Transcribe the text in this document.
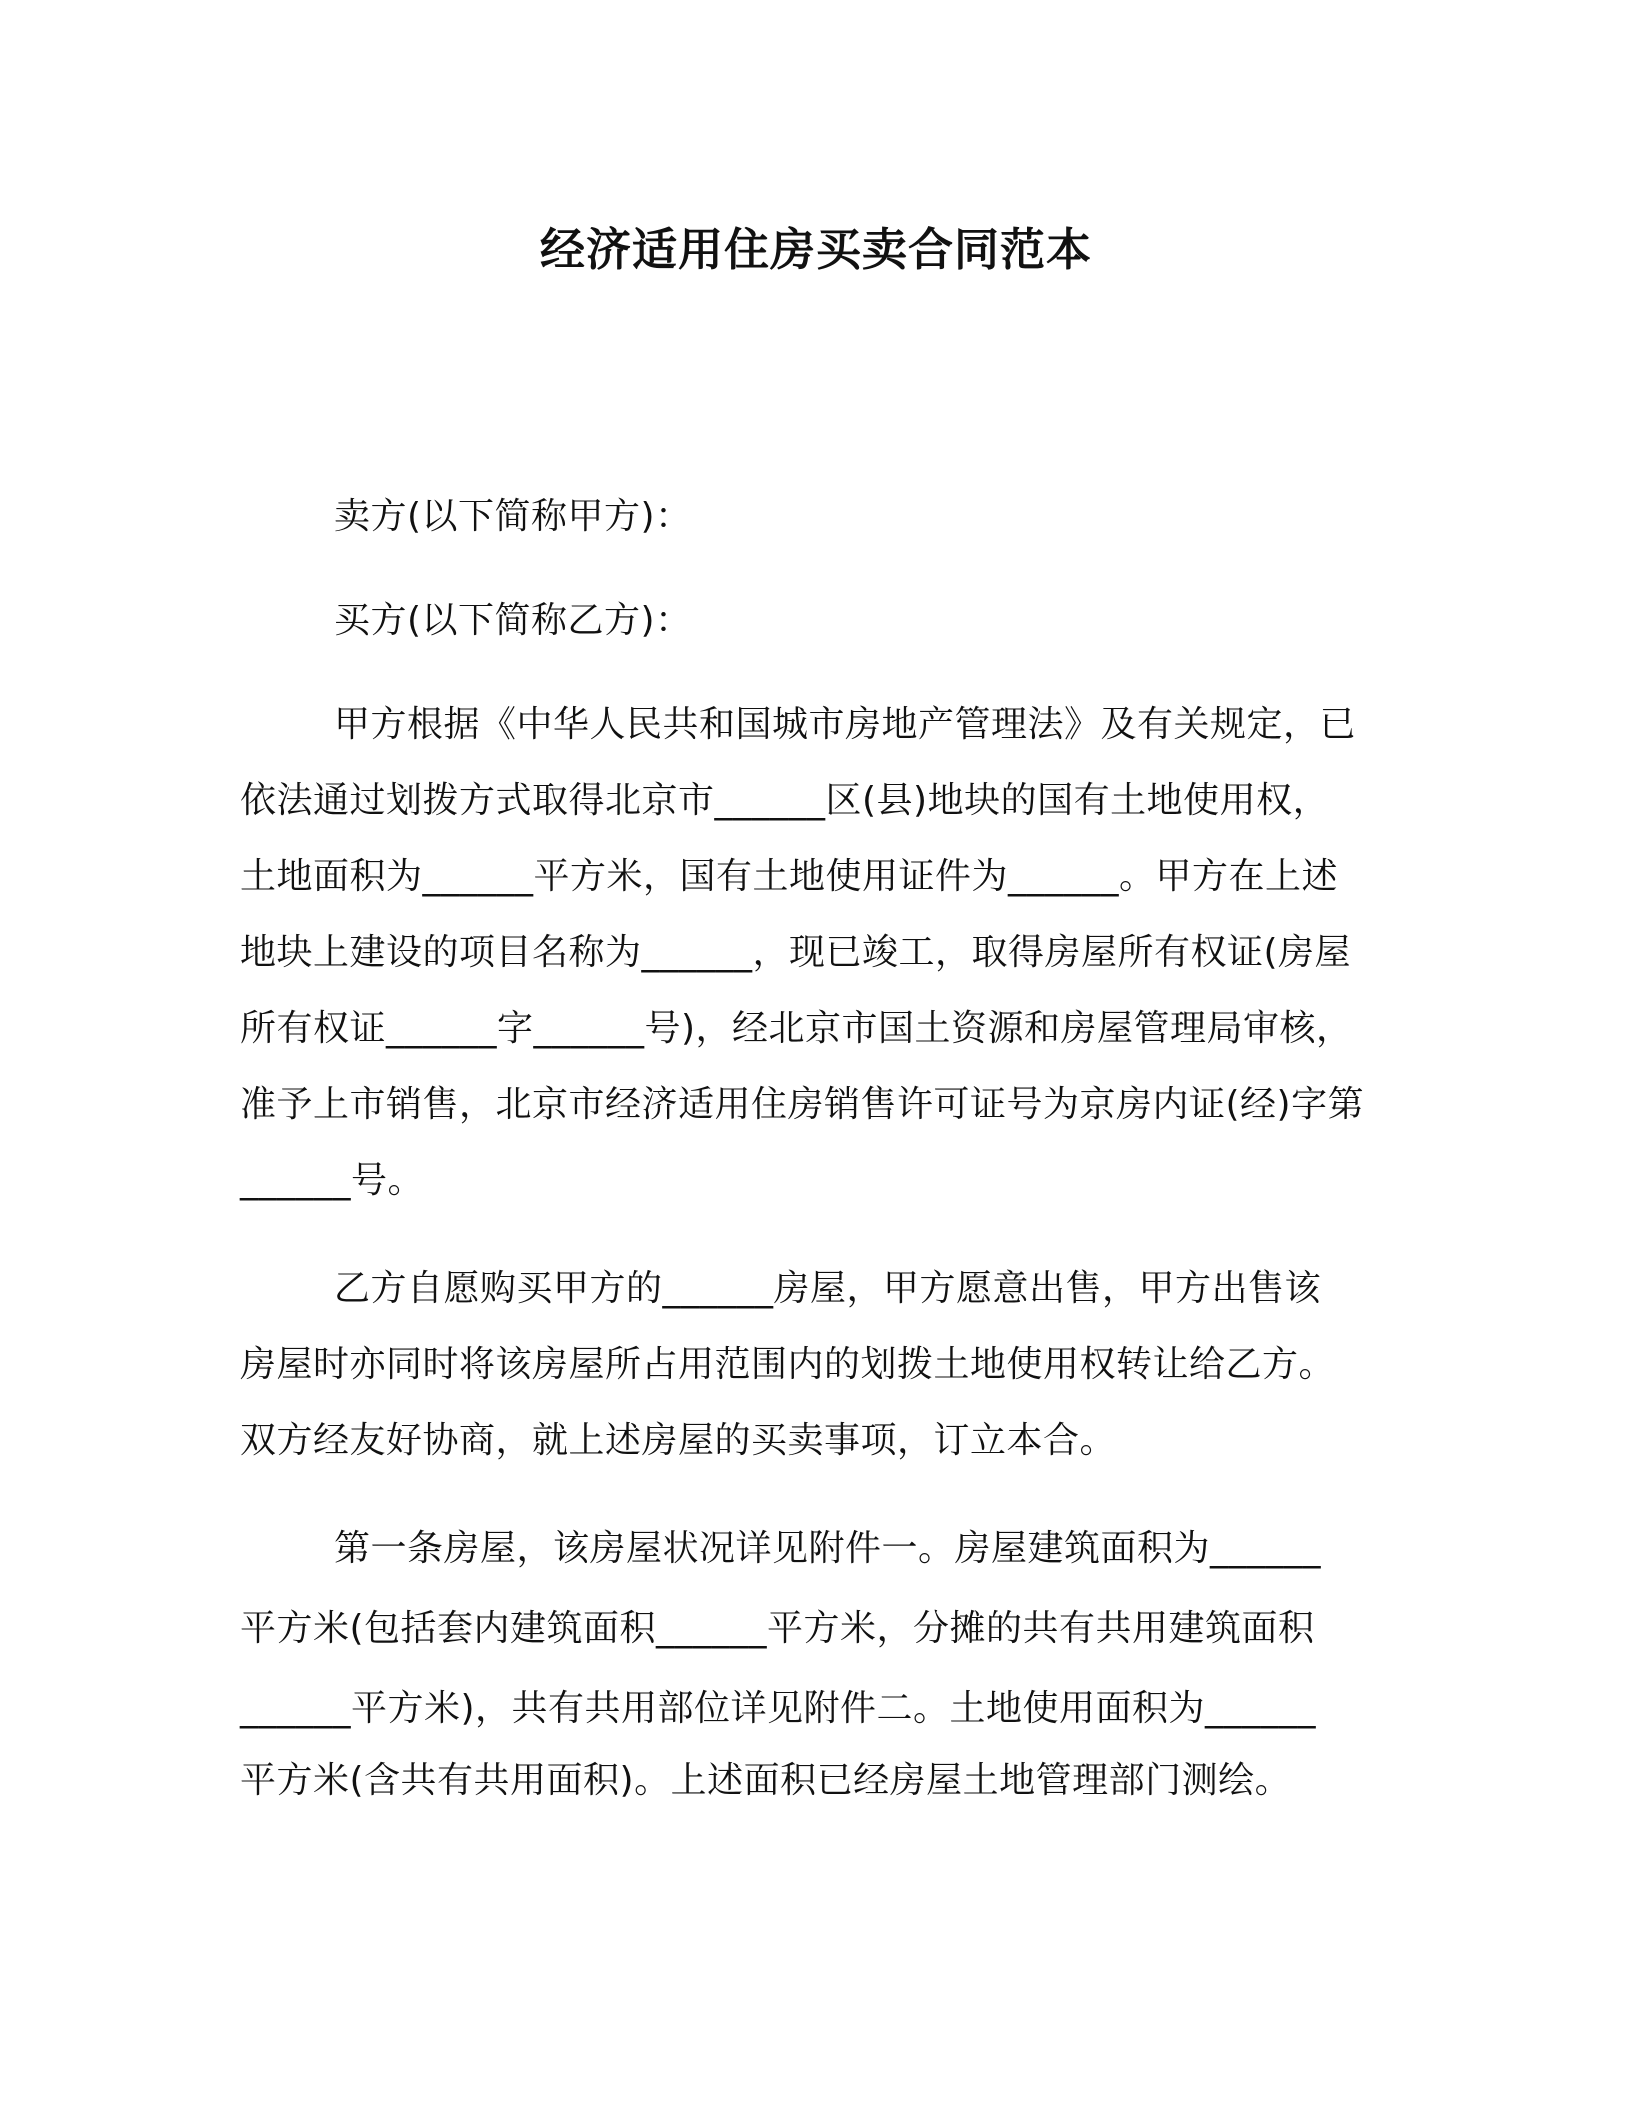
经济适用住房买卖合同范本
卖方(以下简称甲方)：
买方(以下简称乙方)：
甲方根据《中华人民共和国城市房地产管理法》及有关规定，已
依法通过划拨方式取得北京市______区(县)地块的国有土地使用权，
土地面积为______平方米，国有土地使用证件为______。甲方在上述
地块上建设的项目名称为______，现已竣工，取得房屋所有权证(房屋
所有权证______字______号)，经北京市国土资源和房屋管理局审核，
准予上市销售，北京市经济适用住房销售许可证号为京房内证(经)字第
______号。
乙方自愿购买甲方的______房屋，甲方愿意出售，甲方出售该
房屋时亦同时将该房屋所占用范围内的划拨土地使用权转让给乙方。
双方经友好协商，就上述房屋的买卖事项，订立本合。
第一条房屋，该房屋状况详见附件一。房屋建筑面积为______
平方米(包括套内建筑面积______平方米，分摊的共有共用建筑面积
______平方米)，共有共用部位详见附件二。土地使用面积为______
平方米(含共有共用面积)。上述面积已经房屋土地管理部门测绘。
